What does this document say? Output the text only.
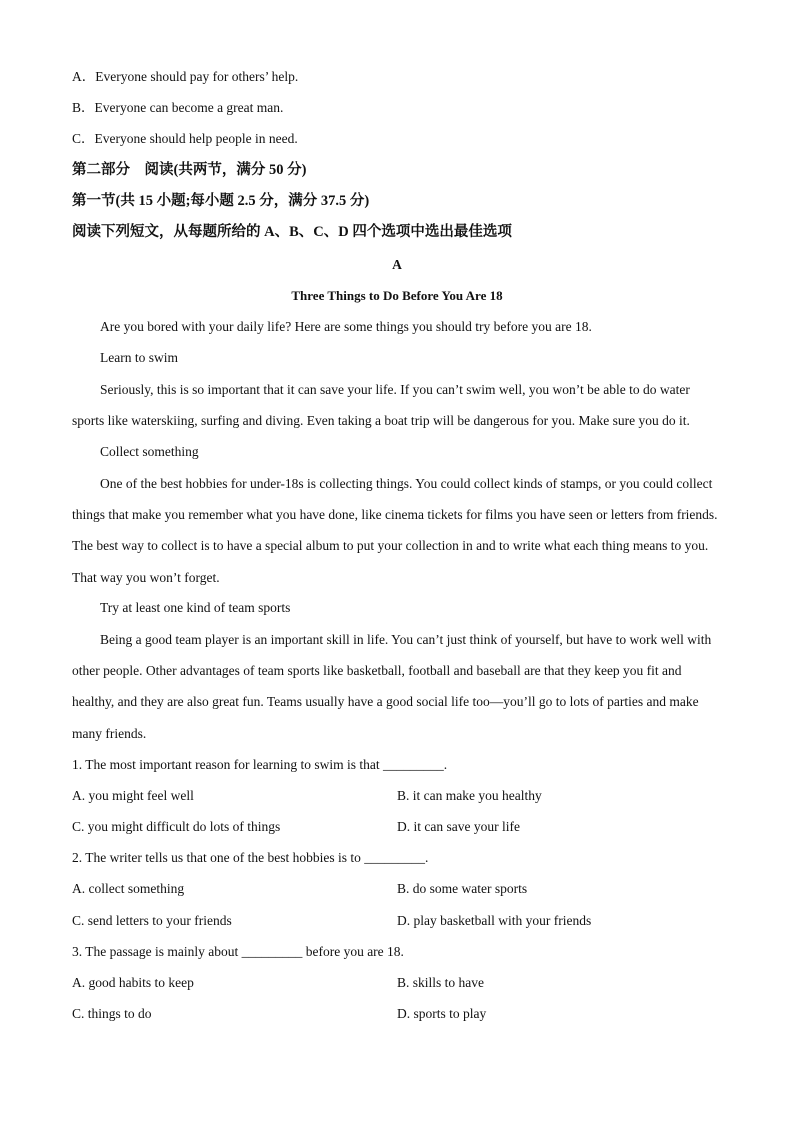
A．Everyone should pay for others’ help.
B．Everyone can become a great man.
C．Everyone should help people in need.
第二部分　阅读(共两节，满分 50 分)
第一节(共 15 小题;每小题 2.5 分，满分 37.5 分)
阅读下列短文，从每题所给的 A、B、C、D 四个选项中选出最佳选项
A
Three Things to Do Before You Are 18
Are you bored with your daily life? Here are some things you should try before you are 18.
Learn to swim
Seriously, this is so important that it can save your life. If you can’t swim well, you won’t be able to do water sports like waterskiing, surfing and diving. Even taking a boat trip will be dangerous for you. Make sure you do it.
Collect something
One of the best hobbies for under-18s is collecting things. You could collect kinds of stamps, or you could collect things that make you remember what you have done, like cinema tickets for films you have seen or letters from friends. The best way to collect is to have a special album to put your collection in and to write what each thing means to you. That way you won’t forget.
Try at least one kind of team sports
Being a good team player is an important skill in life. You can’t just think of yourself, but have to work well with other people. Other advantages of team sports like basketball, football and baseball are that they keep you fit and healthy, and they are also great fun. Teams usually have a good social life too—you’ll go to lots of parties and make many friends.
1. The most important reason for learning to swim is that _________.
A. you might feel well	B. it can make you healthy
C. you might difficult do lots of things	D. it can save your life
2. The writer tells us that one of the best hobbies is to _________.
A. collect something	B. do some water sports
C. send letters to your friends	D. play basketball with your friends
3. The passage is mainly about _________ before you are 18.
A. good habits to keep	B. skills to have
C. things to do	D. sports to play
